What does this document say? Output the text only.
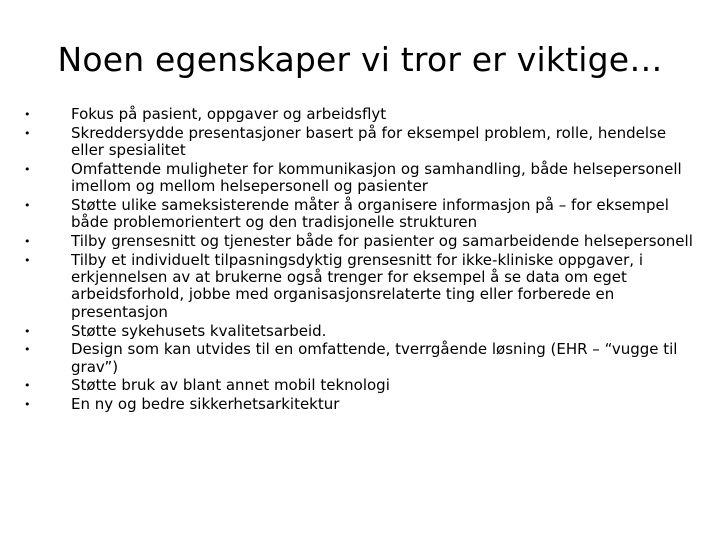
Noen egenskaper vi tror er viktige…
•	Fokus på pasient, oppgaver og arbeidsflyt
•	Skreddersydde presentasjoner basert på for eksempel problem, rolle, hendelse eller spesialitet
•	Omfattende muligheter for kommunikasjon og samhandling, både helsepersonell imellom og mellom helsepersonell og pasienter
•	Støtte ulike sameksisterende måter å organisere informasjon på – for eksempel både problemorientert og den tradisjonelle strukturen
•	Tilby grensesnitt og tjenester både for pasienter og samarbeidende helsepersonell
•	Tilby et individuelt tilpasningsdyktig grensesnitt for ikke-kliniske oppgaver, i erkjennelsen av at brukerne også trenger for eksempel å se data om eget arbeidsforhold, jobbe med organisasjonsrelaterte ting eller forberede en presentasjon
•	Støtte sykehusets kvalitetsarbeid.
•	Design som kan utvides til en omfattende, tverrgående løsning (EHR – “vugge til grav”)
•	Støtte bruk av blant annet mobil teknologi
•	En ny og bedre sikkerhetsarkitektur
